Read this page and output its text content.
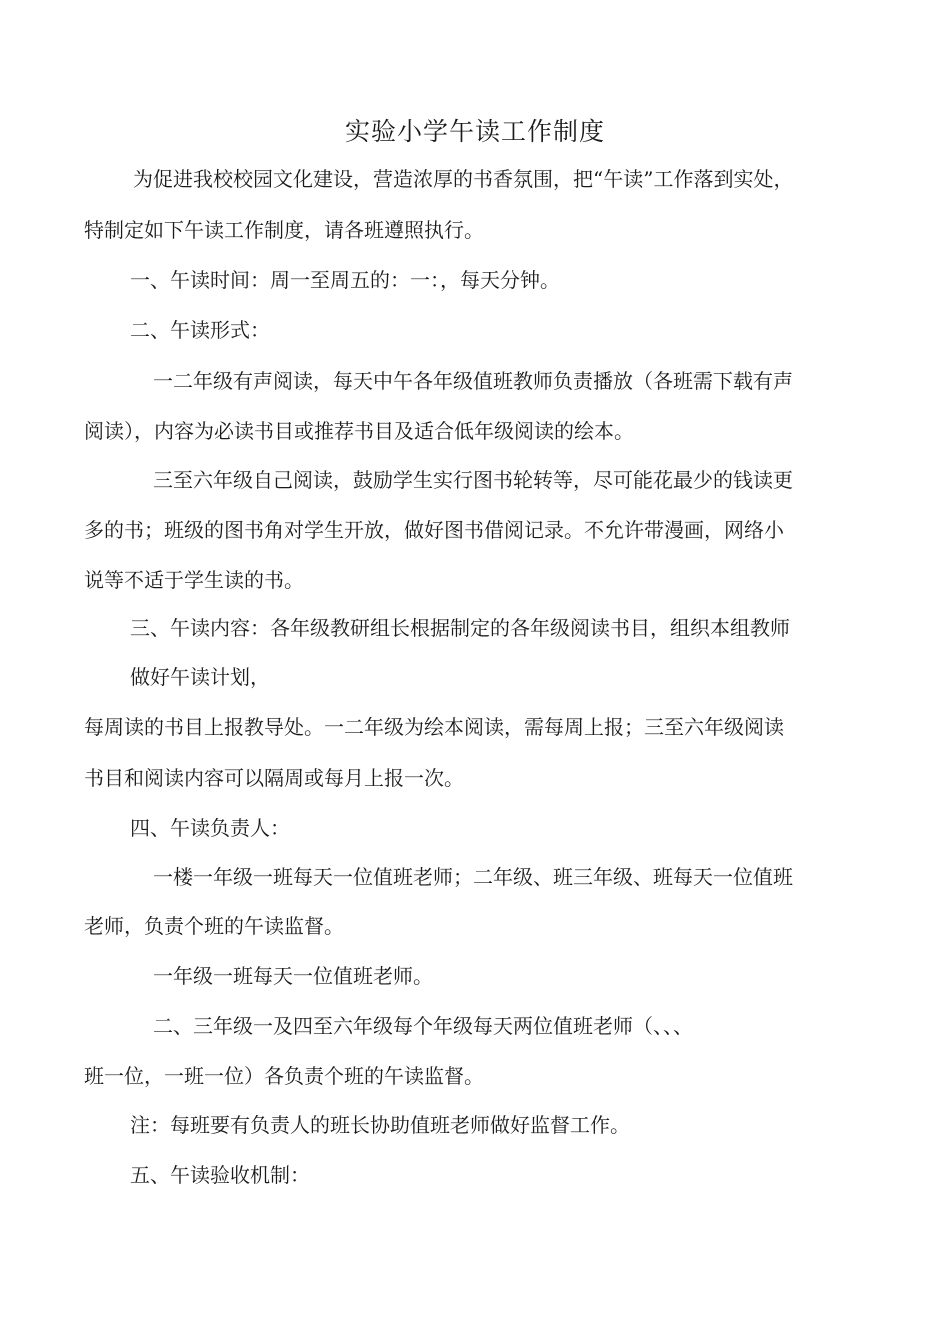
实验小学午读工作制度
为促进我校校园文化建设，营造浓厚的书香氛围，把“午读”工作落到实处，
特制定如下午读工作制度，请各班遵照执行。
一、午读时间：周一至周五的：一：，每天分钟。
二、午读形式：
一二年级有声阅读，每天中午各年级值班教师负责播放（各班需下载有声
阅读），内容为必读书目或推荐书目及适合低年级阅读的绘本。
三至六年级自己阅读，鼓励学生实行图书轮转等，尽可能花最少的钱读更
多的书；班级的图书角对学生开放，做好图书借阅记录。不允许带漫画，网络小
说等不适于学生读的书。
三、午读内容：各年级教研组长根据制定的各年级阅读书目，组织本组教师
做好午读计划，
每周读的书目上报教导处。一二年级为绘本阅读，需每周上报；三至六年级阅读
书目和阅读内容可以隔周或每月上报一次。
四、午读负责人：
一楼一年级一班每天一位值班老师；二年级、班三年级、班每天一位值班
老师，负责个班的午读监督。
一年级一班每天一位值班老师。
二、三年级一及四至六年级每个年级每天两位值班老师（、、、
班一位，一班一位）各负责个班的午读监督。
注：每班要有负责人的班长协助值班老师做好监督工作。
五、午读验收机制：
